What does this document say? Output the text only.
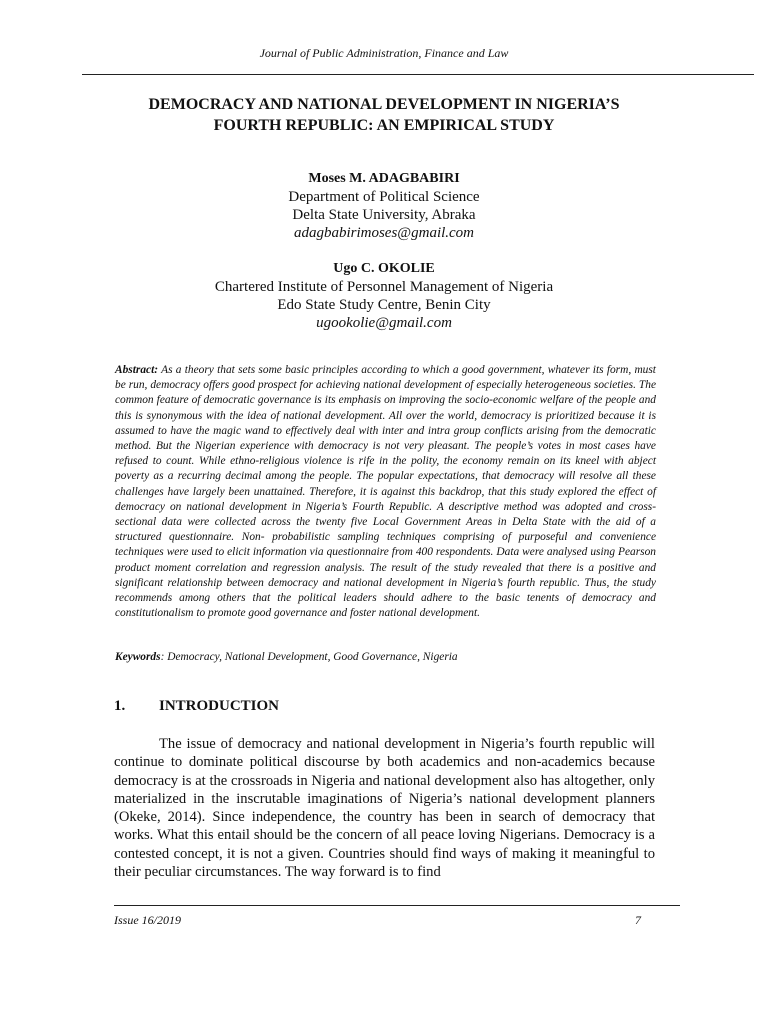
Journal of Public Administration, Finance and Law
DEMOCRACY AND NATIONAL DEVELOPMENT IN NIGERIA’S
FOURTH REPUBLIC: AN EMPIRICAL STUDY
Moses M. ADAGBABIRI
Department of Political Science
Delta State University, Abraka
adagbabirimoses@gmail.com
Ugo C. OKOLIE
Chartered Institute of Personnel Management of Nigeria
Edo State Study Centre, Benin City
ugookolie@gmail.com
Abstract: As a theory that sets some basic principles according to which a good government, whatever its form, must be run, democracy offers good prospect for achieving national development of especially heterogeneous societies. The common feature of democratic governance is its emphasis on improving the socio-economic welfare of the people and this is synonymous with the idea of national development. All over the world, democracy is prioritized because it is assumed to have the magic wand to effectively deal with inter and intra group conflicts arising from the democratic method. But the Nigerian experience with democracy is not very pleasant. The people’s votes in most cases have refused to count. While ethno-religious violence is rife in the polity, the economy remain on its kneel with abject poverty as a recurring decimal among the people. The popular expectations, that democracy will resolve all these challenges have largely been unattained. Therefore, it is against this backdrop, that this study explored the effect of democracy on national development in Nigeria’s Fourth Republic. A descriptive method was adopted and cross-sectional data were collected across the twenty five Local Government Areas in Delta State with the aid of a structured questionnaire. Non- probabilistic sampling techniques comprising of purposeful and convenience techniques were used to elicit information via questionnaire from 400 respondents. Data were analysed using Pearson product moment correlation and regression analysis. The result of the study revealed that there is a positive and significant relationship between democracy and national development in Nigeria’s fourth republic. Thus, the study recommends among others that the political leaders should adhere to the basic tenents of democracy and constitutionalism to promote good governance and foster national development.
Keywords: Democracy, National Development, Good Governance, Nigeria
1. INTRODUCTION
The issue of democracy and national development in Nigeria’s fourth republic will continue to dominate political discourse by both academics and non-academics because democracy is at the crossroads in Nigeria and national development also has altogether, only materialized in the inscrutable imaginations of Nigeria’s national development planners (Okeke, 2014). Since independence, the country has been in search of democracy that works. What this entail should be the concern of all peace loving Nigerians. Democracy is a contested concept, it is not a given. Countries should find ways of making it meaningful to their peculiar circumstances. The way forward is to find
Issue 16/2019	7
